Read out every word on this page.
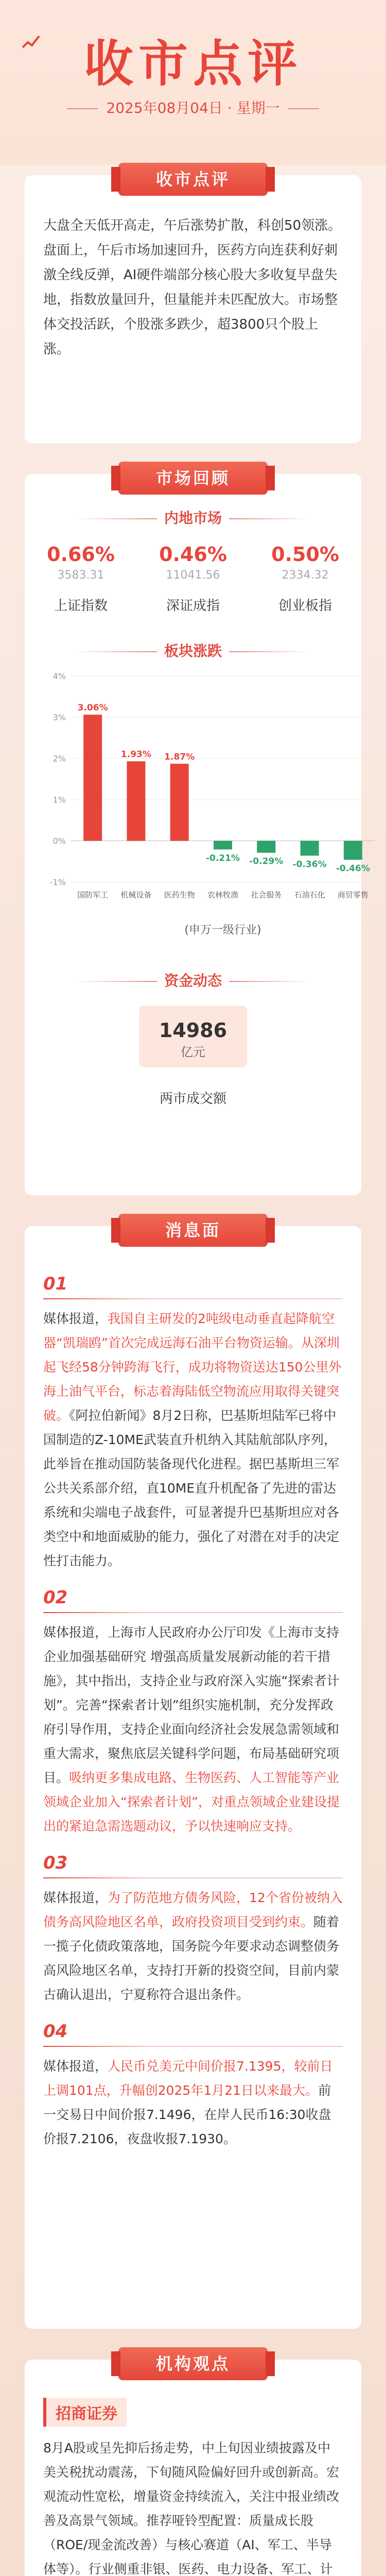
收市点评
2025年08月04日 · 星期一
收市点评
大盘全天低开高走，午后涨势扩散，科创50领涨。盘面上，午后市场加速回升，医药方向连获利好刺激全线反弹，AI硬件端部分核心股大多收复早盘失地，指数放量回升，但量能并未匹配放大。市场整体交投活跃，个股涨多跌少，超3800只个股上涨。
市场回顾
内地市场
0.66%
3583.31
上证指数
0.46%
11041.56
深证成指
0.50%
2334.32
创业板指
板块涨跌
-1%
0%
1%
2%
3%
4%
3.06%
国防军工
1.93%
机械设备
1.87%
医药生物
-0.21%
农林牧渔
-0.29%
社会服务
-0.36%
石油石化
-0.46%
商贸零售
(申万一级行业)
资金动态
14986
亿元
两市成交额
消息面
01

媒体报道，我国自主研发的2吨级电动垂直起降航空器“凯瑞鸥”首次完成远海石油平台物资运输。从深圳起飞经58分钟跨海飞行，成功将物资送达150公里外海上油气平台，标志着海陆低空物流应用取得关键突破。《阿拉伯新闻》8月2日称，巴基斯坦陆军已将中国制造的Z-10ME武装直升机纳入其陆航部队序列，此举旨在推动国防装备现代化进程。据巴基斯坦三军公共关系部介绍，直10ME直升机配备了先进的雷达系统和尖端电子战套件，可显著提升巴基斯坦应对各类空中和地面威胁的能力，强化了对潜在对手的决定性打击能力。

02

媒体报道，上海市人民政府办公厅印发《上海市支持企业加强基础研究 增强高质量发展新动能的若干措施》，其中指出，支持企业与政府深入实施“探索者计划”。完善“探索者计划”组织实施机制，充分发挥政府引导作用，支持企业面向经济社会发展急需领域和重大需求，聚焦底层关键科学问题，布局基础研究项目。吸纳更多集成电路、生物医药、人工智能等产业领域企业加入“探索者计划”，对重点领域企业建设提出的紧迫急需选题动议，予以快速响应支持。

03

媒体报道，为了防范地方债务风险，12个省份被纳入债务高风险地区名单，政府投资项目受到约束。随着一揽子化债政策落地，国务院今年要求动态调整债务高风险地区名单，支持打开新的投资空间，目前内蒙古确认退出，宁夏称符合退出条件。

04

媒体报道，人民币兑美元中间价报7.1395，较前日上调101点，升幅创2025年1月21日以来最大。前一交易日中间价报7.1496，在岸人民币16:30收盘价报7.2106，夜盘收报7.1930。

机构观点
招商证券

8月A股或呈先抑后扬走势，中上旬因业绩披露及中美关税扰动震荡，下旬随风险偏好回升或创新高。宏观流动性宽松，增量资金持续流入，关注中报业绩改善及高景气领域。推荐哑铃型配置：质量成长股（ROE/现金流改善）与核心赛道（AI、军工、半导体等）。行业侧重非银、医药、电力设备、军工、计
